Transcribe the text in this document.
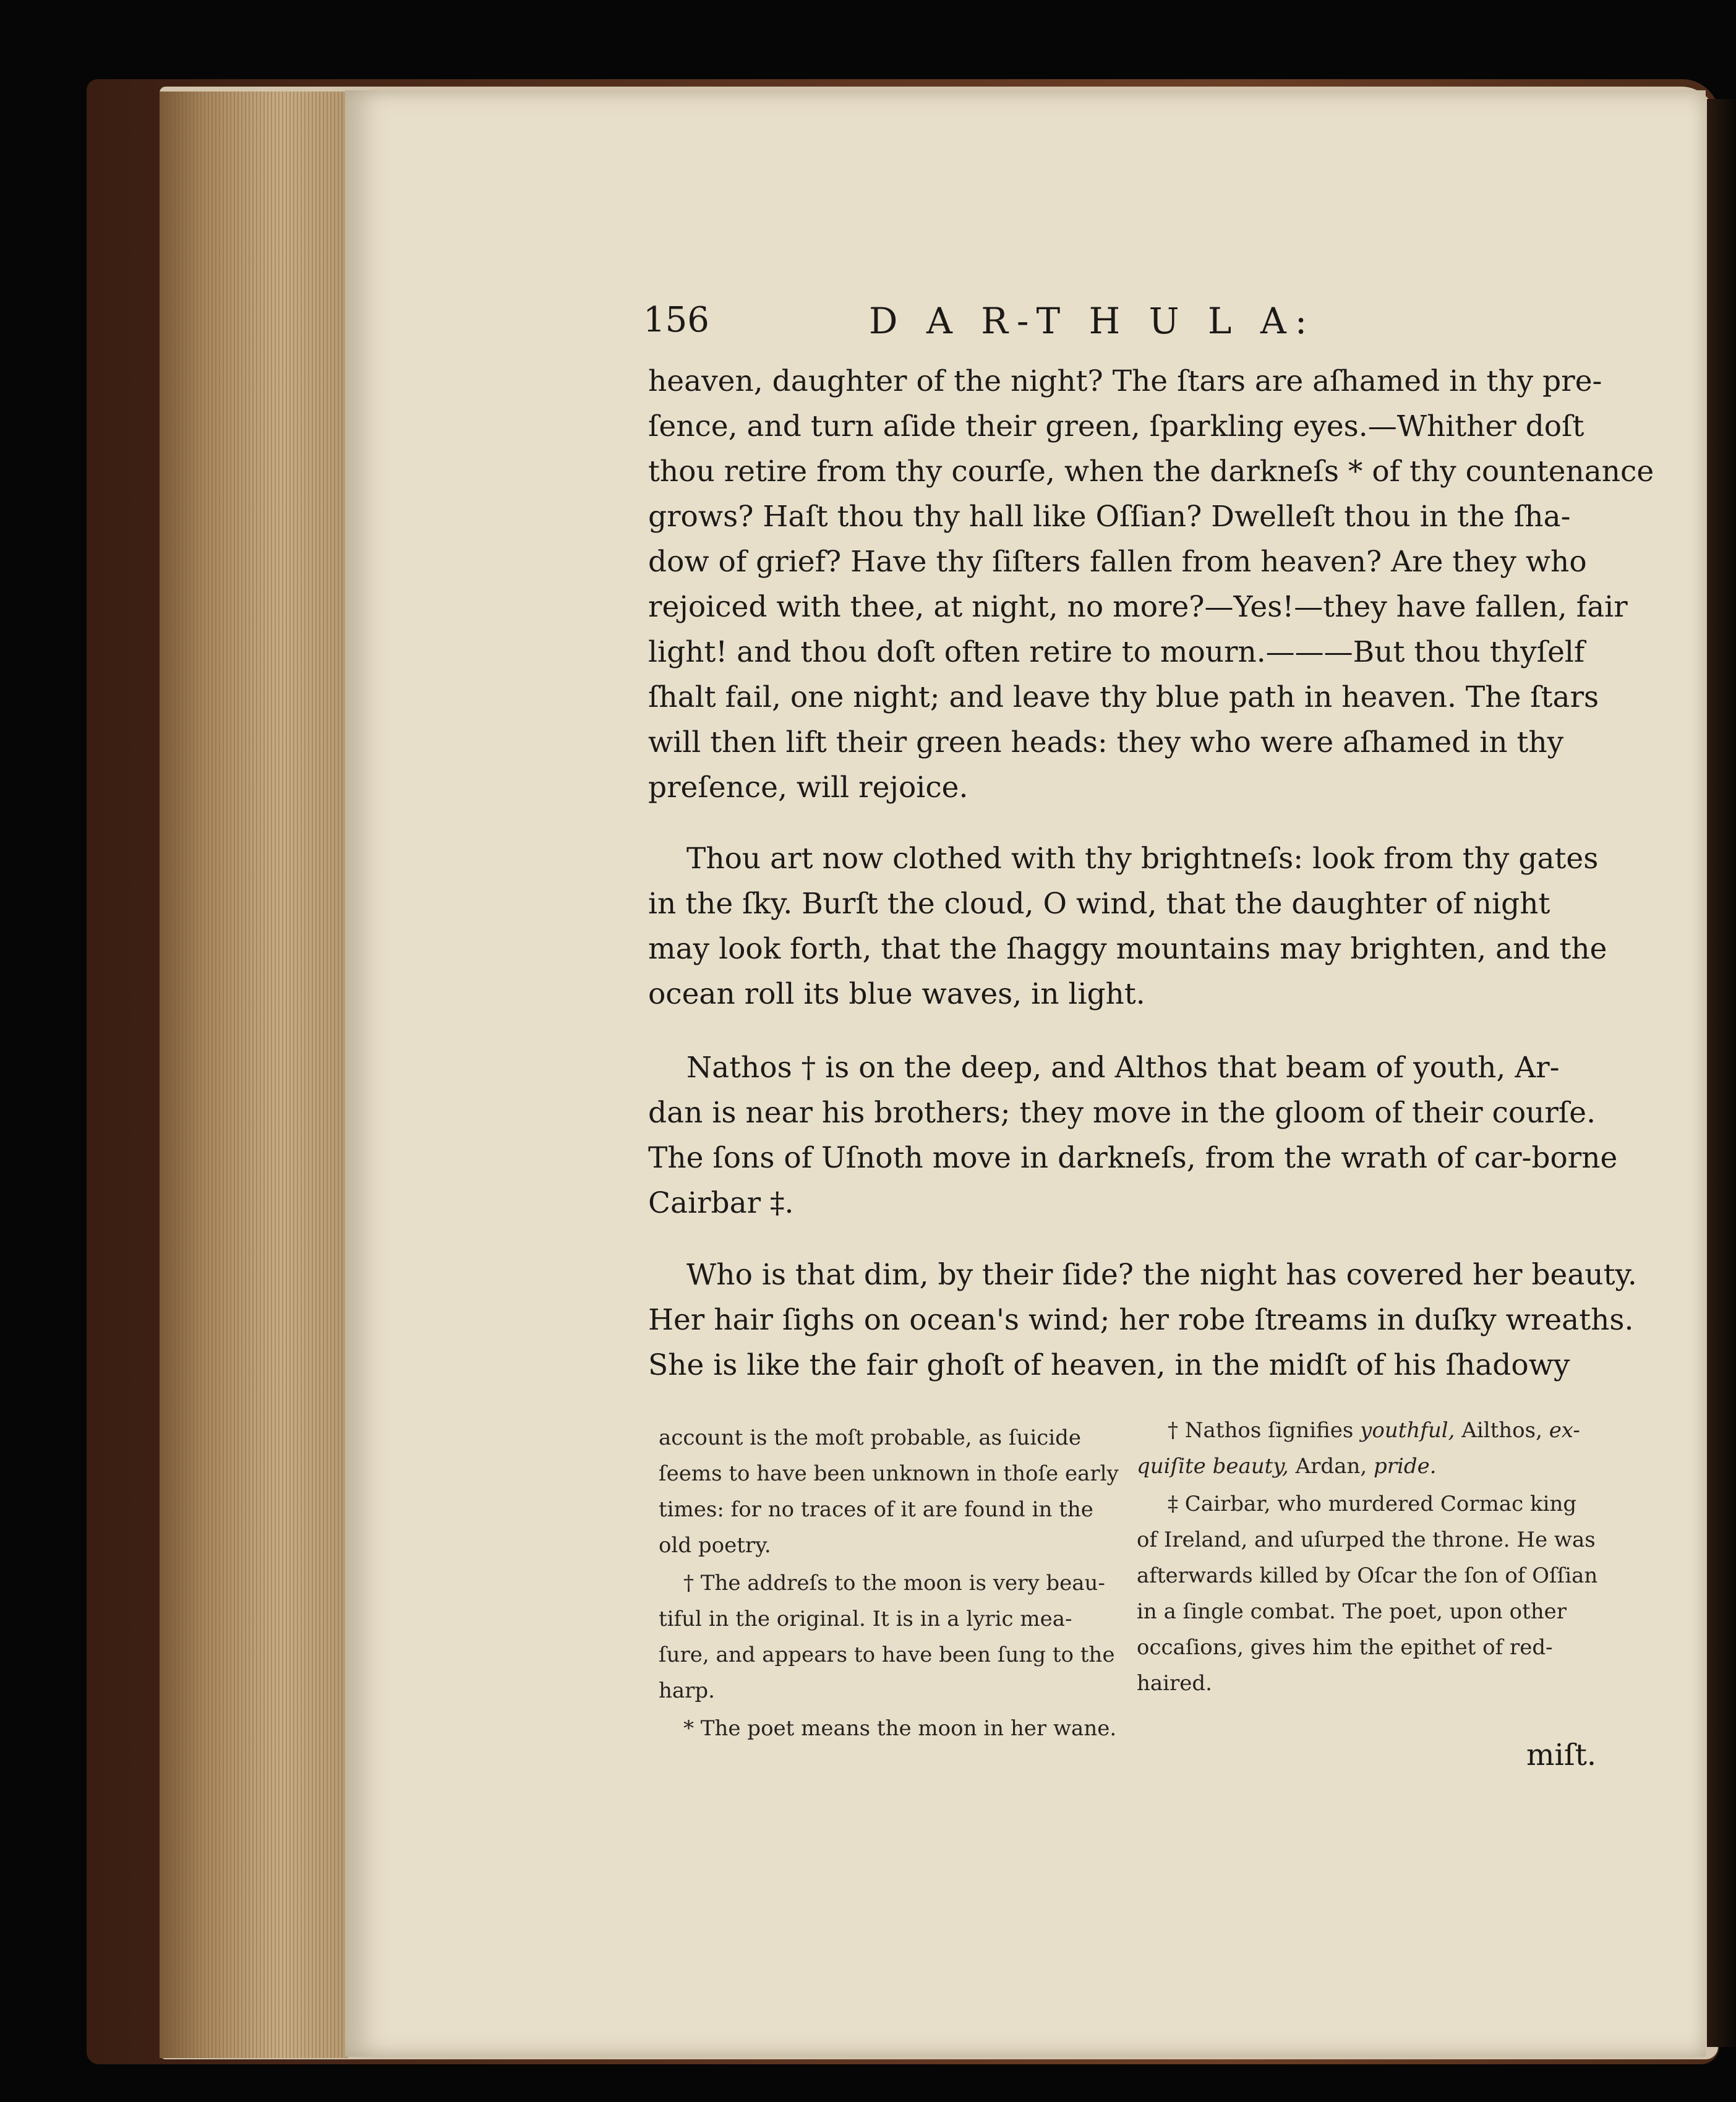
156	D A R-T H U L A:
heaven, daughter of the night? The ſtars are aſhamed in thy pre-
ſence, and turn aſide their green, ſparkling eyes.—Whither doſt
thou retire from thy courſe, when the darkneſs * of thy countenance
grows? Haſt thou thy hall like Oſſian? Dwelleſt thou in the ſha-
dow of grief? Have thy ſiſters fallen from heaven? Are they who
rejoiced with thee, at night, no more?—Yes!—they have fallen, fair
light! and thou doſt often retire to mourn.———But thou thyſelf
ſhalt fail, one night; and leave thy blue path in heaven. The ſtars
will then lift their green heads: they who were aſhamed in thy
preſence, will rejoice.
Thou art now clothed with thy brightneſs: look from thy gates
in the ſky. Burſt the cloud, O wind, that the daughter of night
may look forth, that the ſhaggy mountains may brighten, and the
ocean roll its blue waves, in light.
Nathos † is on the deep, and Althos that beam of youth, Ar-
dan is near his brothers; they move in the gloom of their courſe.
The ſons of Uſnoth move in darkneſs, from the wrath of car-borne
Cairbar ‡.
Who is that dim, by their ſide? the night has covered her beauty.
Her hair ſighs on ocean's wind; her robe ſtreams in duſky wreaths.
She is like the fair ghoſt of heaven, in the midſt of his ſhadowy
account is the moſt probable, as ſuicide
ſeems to have been unknown in thoſe early
times: for no traces of it are found in the
old poetry.
† The addreſs to the moon is very beau-
tiful in the original. It is in a lyric mea-
ſure, and appears to have been ſung to the
harp.
* The poet means the moon in her wane.
† Nathos ſignifies youthful, Ailthos, ex-
quiſite beauty, Ardan, pride.
‡ Cairbar, who murdered Cormac king
of Ireland, and uſurped the throne. He was
afterwards killed by Oſcar the ſon of Oſſian
in a ſingle combat. The poet, upon other
occaſions, gives him the epithet of red-
haired.
miſt.
